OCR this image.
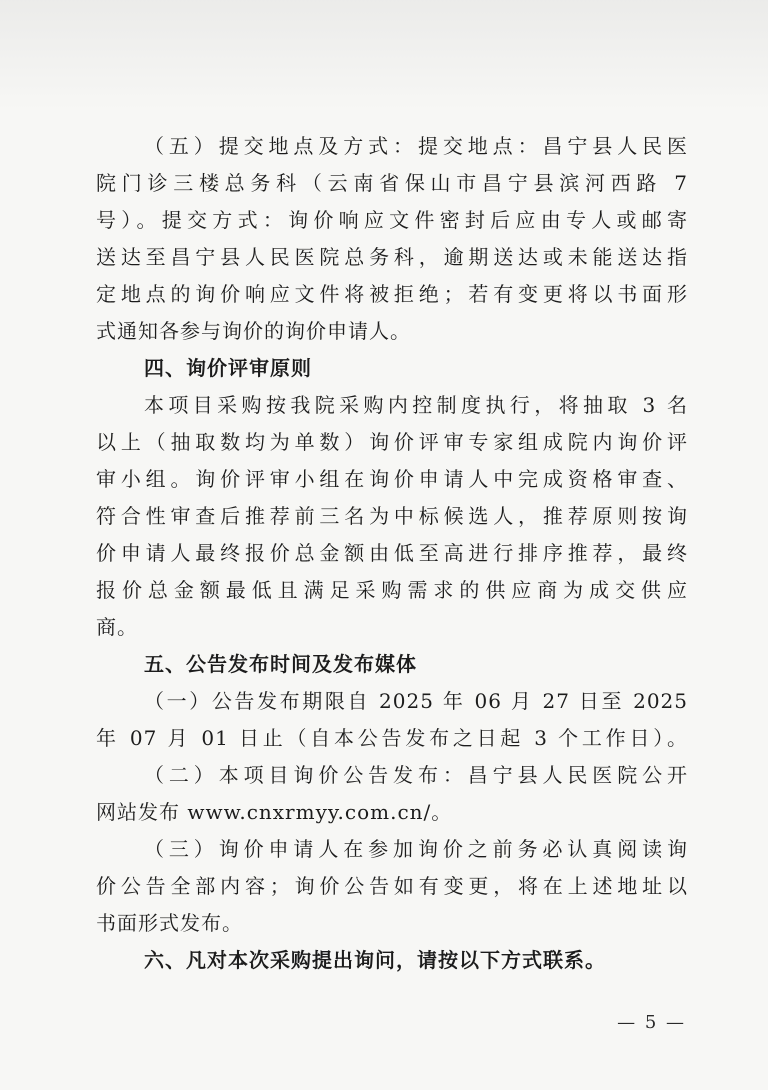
（五）提交地点及方式：提交地点：昌宁县人民医
院门诊三楼总务科（云南省保山市昌宁县滨河西路 7
号）。提交方式：询价响应文件密封后应由专人或邮寄
送达至昌宁县人民医院总务科，逾期送达或未能送达指
定地点的询价响应文件将被拒绝；若有变更将以书面形
式通知各参与询价的询价申请人。
四、询价评审原则
本项目采购按我院采购内控制度执行，将抽取 3 名
以上（抽取数均为单数）询价评审专家组成院内询价评
审小组。询价评审小组在询价申请人中完成资格审查、
符合性审查后推荐前三名为中标候选人，推荐原则按询
价申请人最终报价总金额由低至高进行排序推荐，最终
报价总金额最低且满足采购需求的供应商为成交供应
商。
五、公告发布时间及发布媒体
（一）公告发布期限自 2025 年 06 月 27 日至 2025
年 07 月 01 日止（自本公告发布之日起 3 个工作日）。
（二）本项目询价公告发布：昌宁县人民医院公开
网站发布 www.cnxrmyy.com.cn/。
（三）询价申请人在参加询价之前务必认真阅读询
价公告全部内容；询价公告如有变更，将在上述地址以
书面形式发布。
六、凡对本次采购提出询问，请按以下方式联系。
— 5 —
